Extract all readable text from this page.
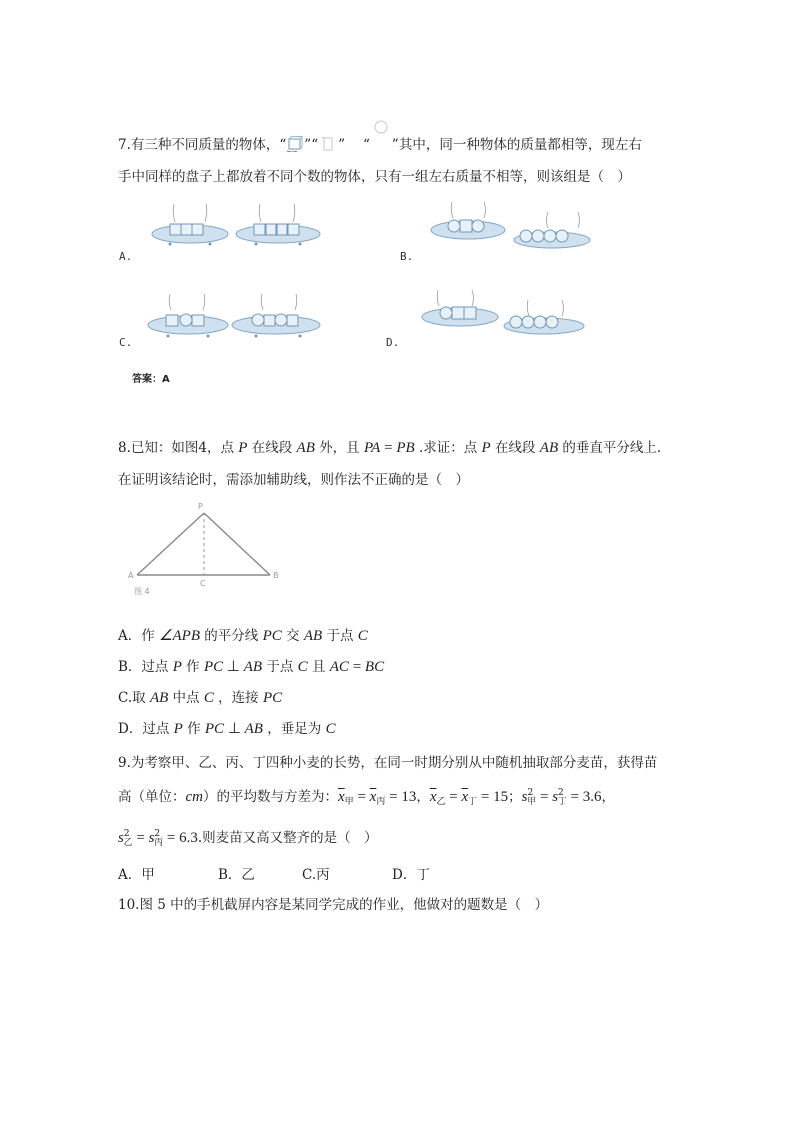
7.有三种不同质量的物体，“ ”“ ” “ ”其中，同一种物体的质量都相等，现左右
手中同样的盘子上都放着不同个数的物体，只有一组左右质量不相等，则该组是（　）
A.	B.
C.	D.
答案：A
8.已知：如图4，点 P 在线段 AB 外，且 PA = PB .求证：点 P 在线段 AB 的垂直平分线上.
在证明该结论时，需添加辅助线，则作法不正确的是（　）
P
A
C
B
图 4
A．作 ∠APB 的平分线 PC 交 AB 于点 C
B．过点 P 作 PC ⊥ AB 于点 C 且 AC = BC
C.取 AB 中点 C ，连接 PC
D．过点 P 作 PC ⊥ AB ，垂足为 C
9.为考察甲、乙、丙、丁四种小麦的长势，在同一时期分别从中随机抽取部分麦苗，获得苗
高（单位：cm）的平均数与方差为：$\overline{x}_甲 = \overline{x}_丙 = 13$，$\overline{x}_乙 = \overline{x}_丁 = 15$；$s^2_甲 = s^2_丁 = 3.6$，
$s^2_乙 = s^2_丙 = 6.3$.则麦苗又高又整齐的是（　）
A．甲	B．乙	C.丙	D．丁
10.图 5 中的手机截屏内容是某同学完成的作业，他做对的题数是（　）
